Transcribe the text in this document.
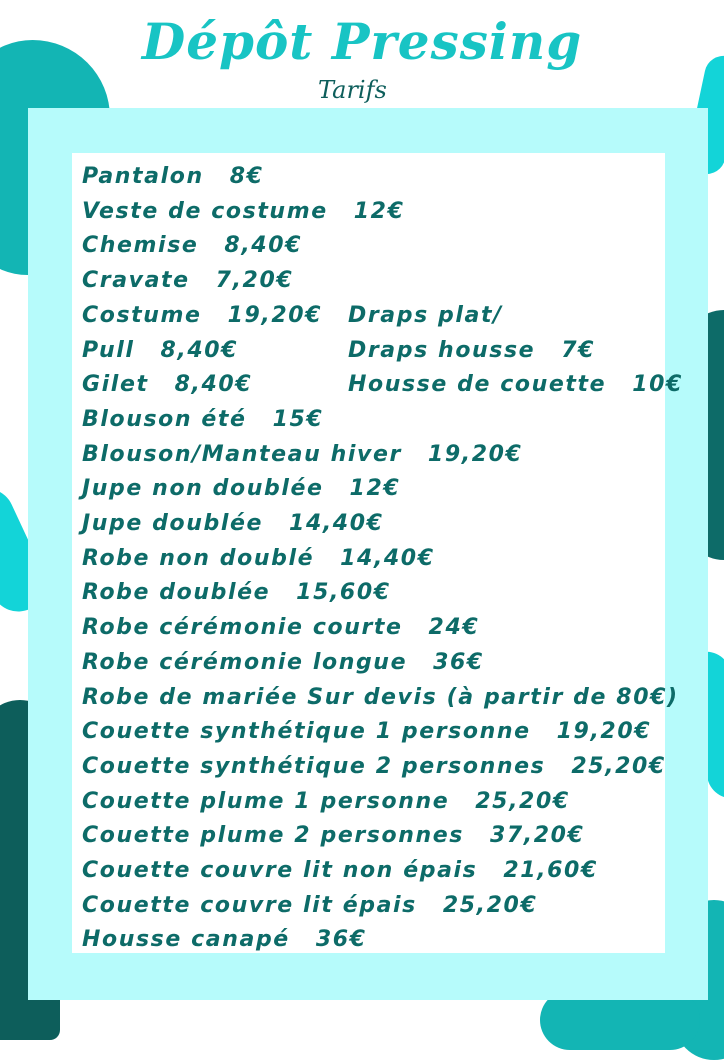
Dépôt Pressing
Tarifs
Pantalon 8€
Veste de costume 12€
Chemise 8,40€
Cravate 7,20€
Costume 19,20€
Pull 8,40€
Gilet 8,40€
Blouson été 15€
Blouson/Manteau hiver 19,20€
Jupe non doublée 12€
Jupe doublée 14,40€
Robe non doublé 14,40€
Robe doublée 15,60€
Robe cérémonie courte 24€
Robe cérémonie longue 36€
Robe de mariée Sur devis (à partir de 80€)
Couette synthétique 1 personne 19,20€
Couette synthétique 2 personnes 25,20€
Couette plume 1 personne 25,20€
Couette plume 2 personnes 37,20€
Couette couvre lit non épais 21,60€
Couette couvre lit épais 25,20€
Housse canapé 36€
Draps plat/
Draps housse 7€
Housse de couette 10€
